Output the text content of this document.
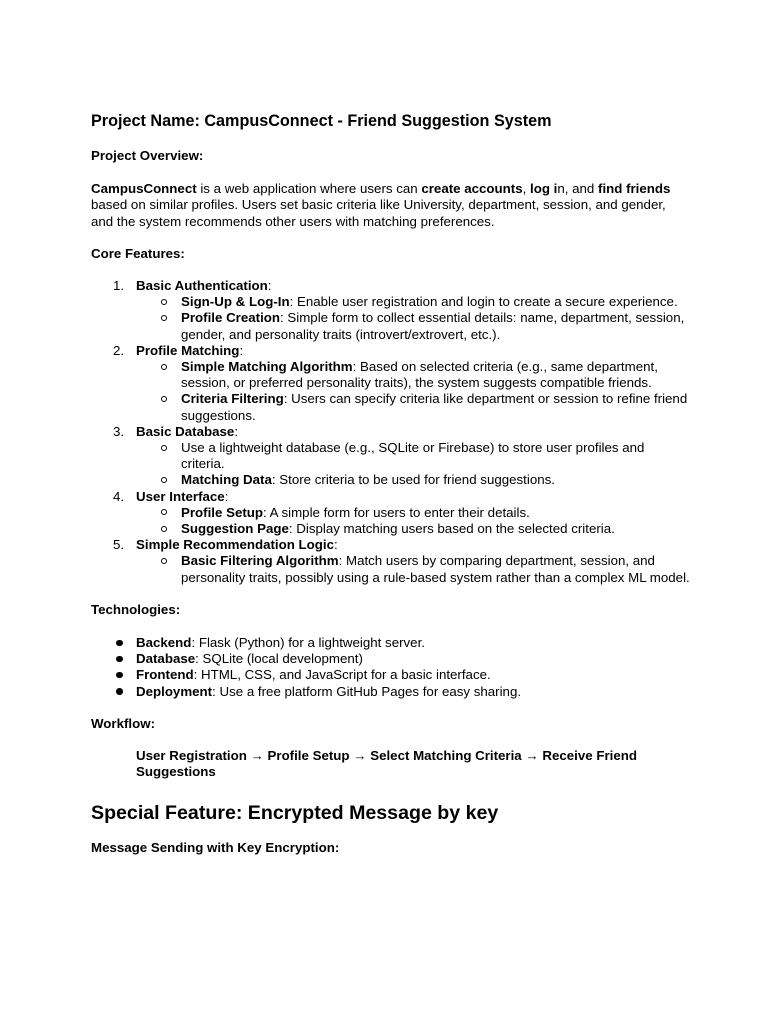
Project Name: CampusConnect - Friend Suggestion System

Project Overview:

CampusConnect is a web application where users can create accounts, log in, and find friends based on similar profiles. Users set basic criteria like University, department, session, and gender, and the system recommends other users with matching preferences.

Core Features:

1. Basic Authentication:
Sign-Up & Log-In: Enable user registration and login to create a secure experience.
Profile Creation: Simple form to collect essential details: name, department, session, gender, and personality traits (introvert/extrovert, etc.).
2. Profile Matching:
Simple Matching Algorithm: Based on selected criteria (e.g., same department, session, or preferred personality traits), the system suggests compatible friends.
Criteria Filtering: Users can specify criteria like department or session to refine friend suggestions.
3. Basic Database:
Use a lightweight database (e.g., SQLite or Firebase) to store user profiles and criteria.
Matching Data: Store criteria to be used for friend suggestions.
4. User Interface:
Profile Setup: A simple form for users to enter their details.
Suggestion Page: Display matching users based on the selected criteria.
5. Simple Recommendation Logic:
Basic Filtering Algorithm: Match users by comparing department, session, and personality traits, possibly using a rule-based system rather than a complex ML model.

Technologies:

Backend: Flask (Python) for a lightweight server.
Database: SQLite (local development)
Frontend: HTML, CSS, and JavaScript for a basic interface.
Deployment: Use a free platform GitHub Pages for easy sharing.

Workflow:

User Registration → Profile Setup → Select Matching Criteria → Receive Friend Suggestions

Special Feature: Encrypted Message by key

Message Sending with Key Encryption:
